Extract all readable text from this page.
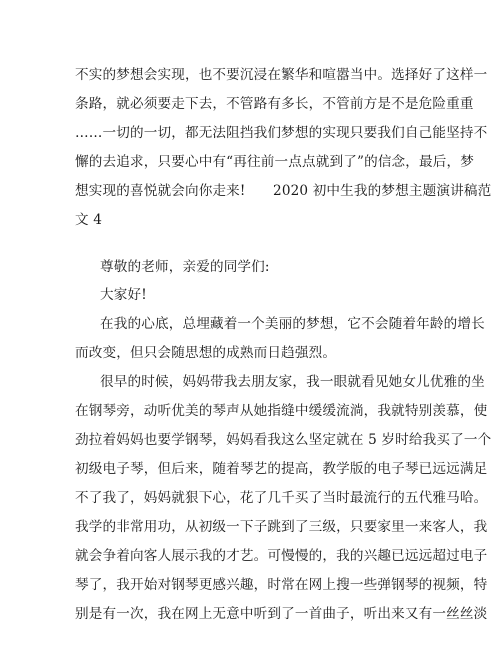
不实的梦想会实现，也不要沉浸在繁华和喧嚣当中。选择好了这样一
条路，就必须要走下去，不管路有多长，不管前方是不是危险重重
……一切的一切，都无法阻挡我们梦想的实现只要我们自己能坚持不
懈的去追求，只要心中有“再往前一点点就到了”的信念，最后，梦
想实现的喜悦就会向你走来!　　2020 初中生我的梦想主题演讲稿范
文 4
尊敬的老师，亲爱的同学们:
大家好!
在我的心底，总埋藏着一个美丽的梦想，它不会随着年龄的增长
而改变，但只会随思想的成熟而日趋强烈。
很早的时候，妈妈带我去朋友家，我一眼就看见她女儿优雅的坐
在钢琴旁，动听优美的琴声从她指缝中缓缓流淌，我就特别羡慕，使
劲拉着妈妈也要学钢琴，妈妈看我这么坚定就在 5 岁时给我买了一个
初级电子琴，但后来，随着琴艺的提高，教学版的电子琴已远远满足
不了我了，妈妈就狠下心，花了几千买了当时最流行的五代雅马哈。
我学的非常用功，从初级一下子跳到了三级，只要家里一来客人，我
就会争着向客人展示我的才艺。可慢慢的，我的兴趣已远远超过电子
琴了，我开始对钢琴更感兴趣，时常在网上搜一些弹钢琴的视频，特
别是有一次，我在网上无意中听到了一首曲子，听出来又有一丝丝淡
